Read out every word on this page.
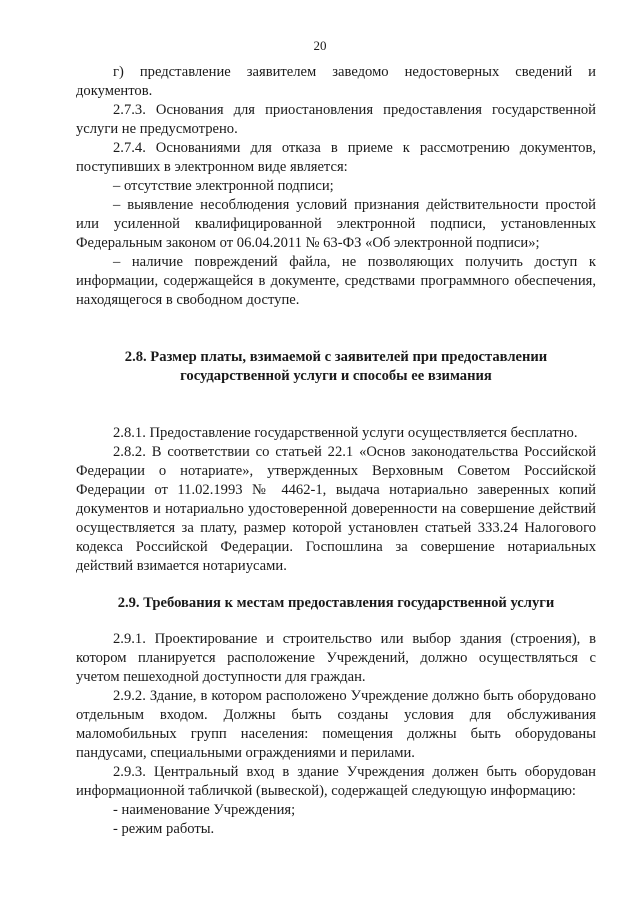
20

г) представление заявителем заведомо недостоверных сведений и документов.

2.7.3. Основания для приостановления предоставления государственной услуги не предусмотрено.

2.7.4. Основаниями для отказа в приеме к рассмотрению документов, поступивших в электронном виде является:

– отсутствие электронной подписи;

– выявление несоблюдения условий признания действительности простой или усиленной квалифицированной электронной подписи, установленных Федеральным законом от 06.04.2011 № 63-ФЗ «Об электронной подписи»;

– наличие повреждений файла, не позволяющих получить доступ к информации, содержащейся в документе, средствами программного обеспечения, находящегося в свободном доступе.

2.8. Размер платы, взимаемой с заявителей при предоставлении
государственной услуги и способы ее взимания

2.8.1. Предоставление государственной услуги осуществляется бесплатно.

2.8.2. В соответствии со статьей 22.1 «Основ законодательства Российской Федерации о нотариате», утвержденных Верховным Советом Российской Федерации от 11.02.1993 № 4462-1, выдача нотариально заверенных копий документов и нотариально удостоверенной доверенности на совершение действий осуществляется за плату, размер которой установлен статьей 333.24 Налогового кодекса Российской Федерации. Госпошлина за совершение нотариальных действий взимается нотариусами.

2.9. Требования к местам предоставления государственной услуги

2.9.1. Проектирование и строительство или выбор здания (строения), в котором планируется расположение Учреждений, должно осуществляться с учетом пешеходной доступности для граждан.

2.9.2. Здание, в котором расположено Учреждение должно быть оборудовано отдельным входом. Должны быть созданы условия для обслуживания маломобильных групп населения: помещения должны быть оборудованы пандусами, специальными ограждениями и перилами.

2.9.3. Центральный вход в здание Учреждения должен быть оборудован информационной табличкой (вывеской), содержащей следующую информацию:

- наименование Учреждения;

- режим работы.
